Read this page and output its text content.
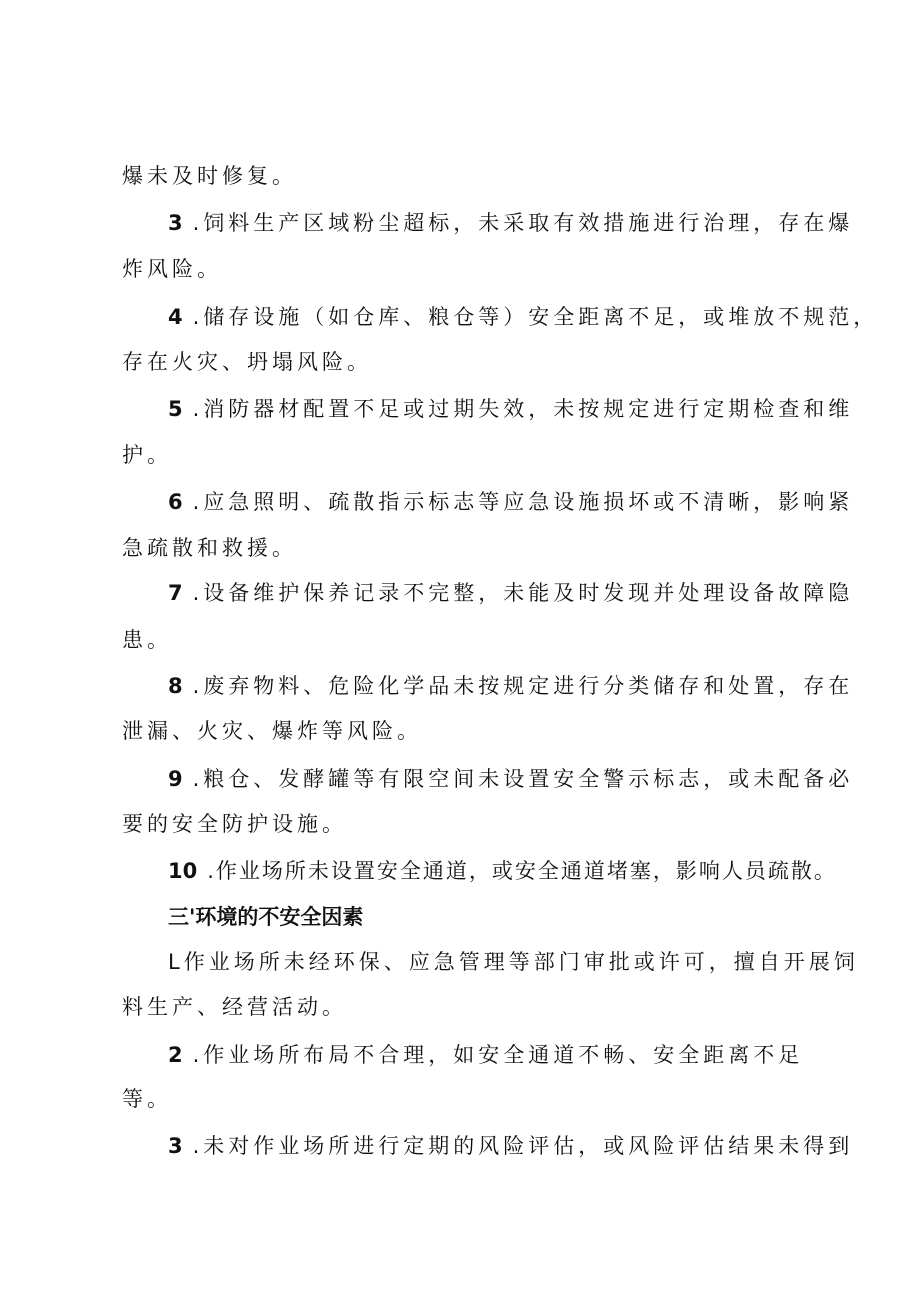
爆未及时修复。
3 .饲料生产区域粉尘超标，未采取有效措施进行治理，存在爆
炸风险。
4 .储存设施（如仓库、粮仓等）安全距离不足，或堆放不规范，
存在火灾、坍塌风险。
5 .消防器材配置不足或过期失效，未按规定进行定期检查和维
护。
6 .应急照明、疏散指示标志等应急设施损坏或不清晰，影响紧
急疏散和救援。
7 .设备维护保养记录不完整，未能及时发现并处理设备故障隐
患。
8 .废弃物料、危险化学品未按规定进行分类储存和处置，存在
泄漏、火灾、爆炸等风险。
9 .粮仓、发酵罐等有限空间未设置安全警示标志，或未配备必
要的安全防护设施。
10 .作业场所未设置安全通道，或安全通道堵塞，影响人员疏散。
三'环境的不安全因素
L作业场所未经环保、应急管理等部门审批或许可，擅自开展饲
料生产、经营活动。
2 .作业场所布局不合理，如安全通道不畅、安全距离不足
等。
3 .未对作业场所进行定期的风险评估，或风险评估结果未得到
